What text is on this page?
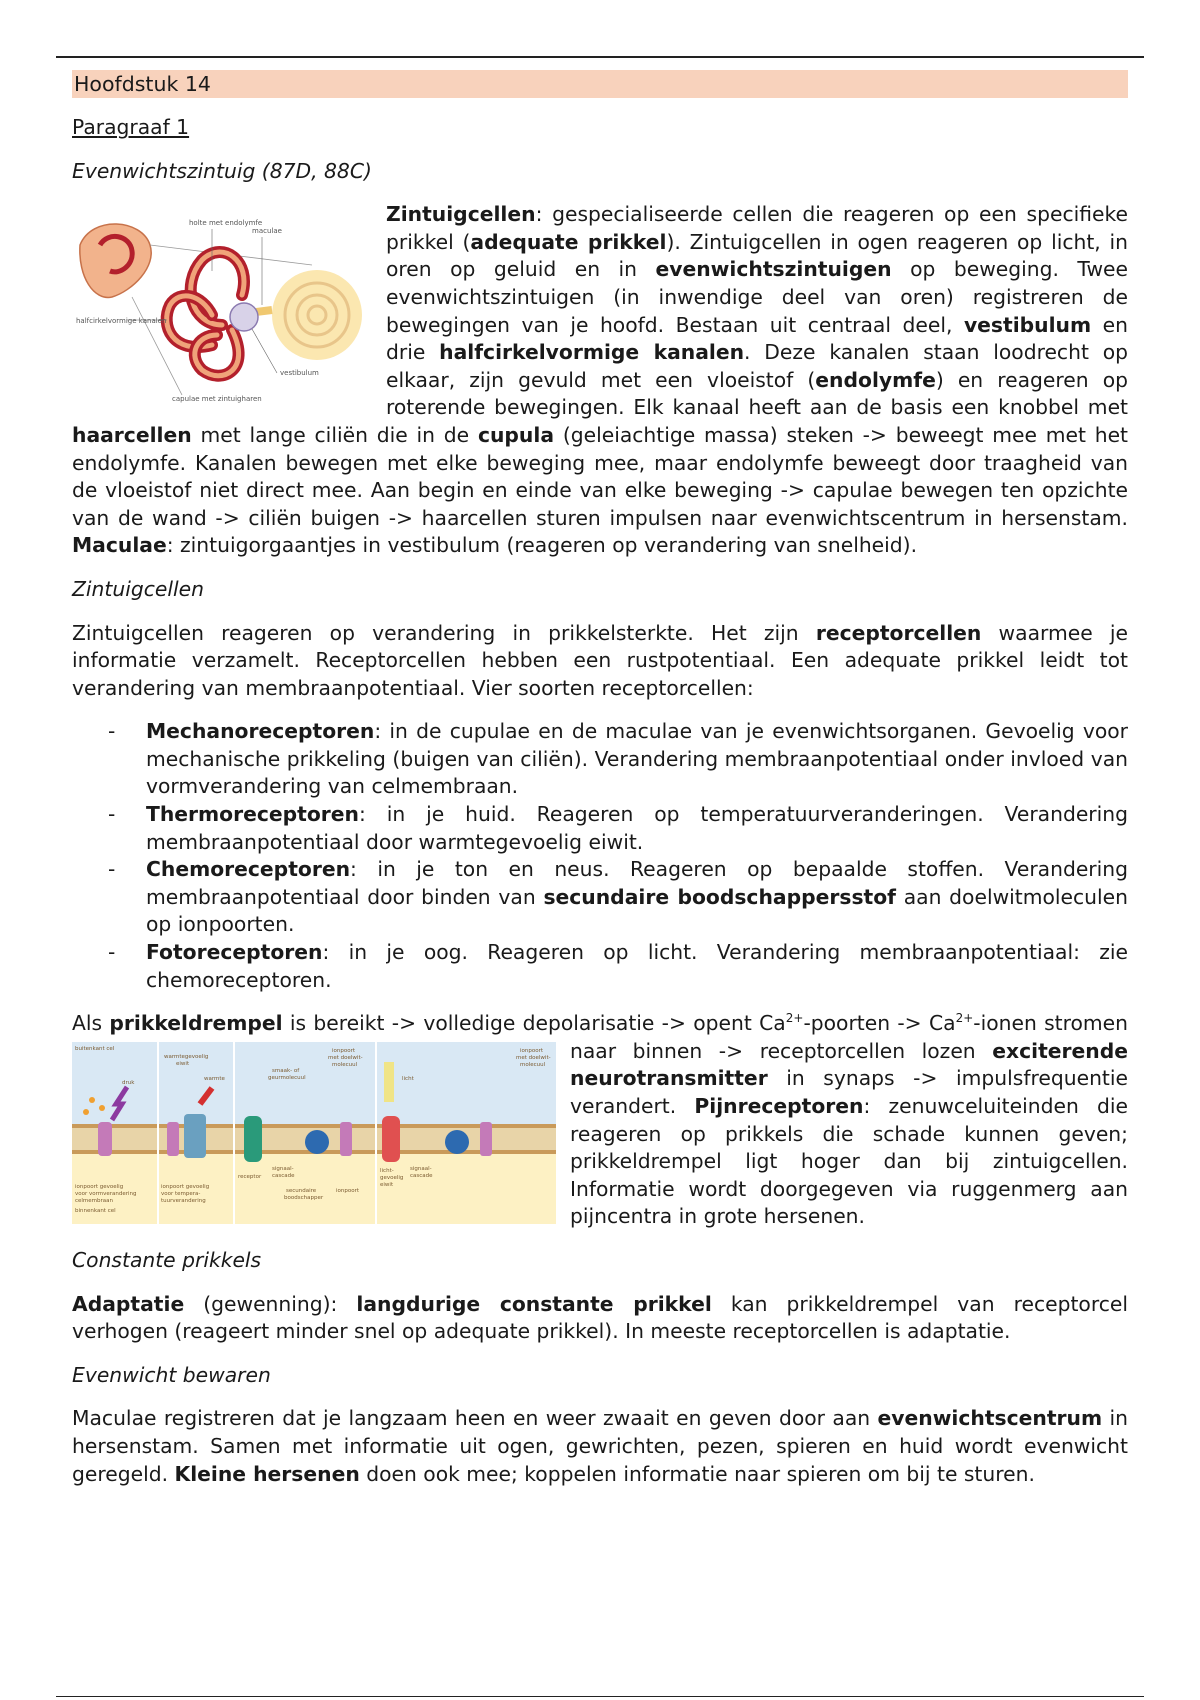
Hoofdstuk 14

Paragraaf 1

Evenwichtszintuig (87D, 88C)

holte met endolymfe
maculae
halfcirkelvormige kanalen
vestibulum
capulae met zintuigharen
Zintuigcellen: gespecialiseerde cellen die reageren op een specifieke prikkel (adequate prikkel). Zintuigcellen in ogen reageren op licht, in oren op geluid en in evenwichtszintuigen op beweging. Twee evenwichtszintuigen (in inwendige deel van oren) registreren de bewegingen van je hoofd. Bestaan uit centraal deel, vestibulum en drie halfcirkelvormige kanalen. Deze kanalen staan loodrecht op elkaar, zijn gevuld met een vloeistof (endolymfe) en reageren op roterende bewegingen. Elk kanaal heeft aan de basis een knobbel met haarcellen met lange ciliën die in de cupula (geleiachtige massa) steken -> beweegt mee met het endolymfe. Kanalen bewegen met elke beweging mee, maar endolymfe beweegt door traagheid van de vloeistof niet direct mee. Aan begin en einde van elke beweging -> capulae bewegen ten opzichte van de wand -> ciliën buigen -> haarcellen sturen impulsen naar evenwichtscentrum in hersenstam. Maculae: zintuigorgaantjes in vestibulum (reageren op verandering van snelheid).

Zintuigcellen

Zintuigcellen reageren op verandering in prikkelsterkte. Het zijn receptorcellen waarmee je informatie verzamelt. Receptorcellen hebben een rustpotentiaal. Een adequate prikkel leidt tot verandering van membraanpotentiaal. Vier soorten receptorcellen:

- Mechanoreceptoren: in de cupulae en de maculae van je evenwichtsorganen. Gevoelig voor mechanische prikkeling (buigen van ciliën). Verandering membraanpotentiaal onder invloed van vormverandering van celmembraan.
- Thermoreceptoren: in je huid. Reageren op temperatuurveranderingen. Verandering membraanpotentiaal door warmtegevoelig eiwit.
- Chemoreceptoren: in je ton en neus. Reageren op bepaalde stoffen. Verandering membraanpotentiaal door binden van secundaire boodschappersstof aan doelwitmoleculen op ionpoorten.
- Fotoreceptoren: in je oog. Reageren op licht. Verandering membraanpotentiaal: zie chemoreceptoren.
Als prikkeldrempel is bereikt -> volledige depolarisatie -> opent $Ca^{2+}$-poorten -> $Ca^{2+}$-ionen stromen naar binnen -> receptorcellen lozen
buitenkant cel
druk
ionpoort gevoelig
voor vormverandering
celmembraan
binnenkant cel
warmtegevoelig
eiwit
warmte
ionpoort gevoelig
voor tempera-
tuurverandering
smaak- of
geurmolecuul
ionpoort
met doelwit-
molecuul
receptor
signaal-
cascade
secundaire
boodschapper
ionpoort
licht
ionpoort
met doelwit-
molecuul
licht-
gevoelig
eiwit
signaal-
cascade
exciterende neurotransmitter in synaps -> impulsfrequentie verandert. Pijnreceptoren: zenuwceluiteinden die reageren op prikkels die schade kunnen geven; prikkeldrempel ligt hoger dan bij zintuigcellen. Informatie wordt doorgegeven via ruggenmerg aan pijncentra in grote hersenen.

Constante prikkels

Adaptatie (gewenning): langdurige constante prikkel kan prikkeldrempel van receptorcel verhogen (reageert minder snel op adequate prikkel). In meeste receptorcellen is adaptatie.

Evenwicht bewaren

Maculae registreren dat je langzaam heen en weer zwaait en geven door aan evenwichtscentrum in hersenstam. Samen met informatie uit ogen, gewrichten, pezen, spieren en huid wordt evenwicht geregeld. Kleine hersenen doen ook mee; koppelen informatie naar spieren om bij te sturen.
